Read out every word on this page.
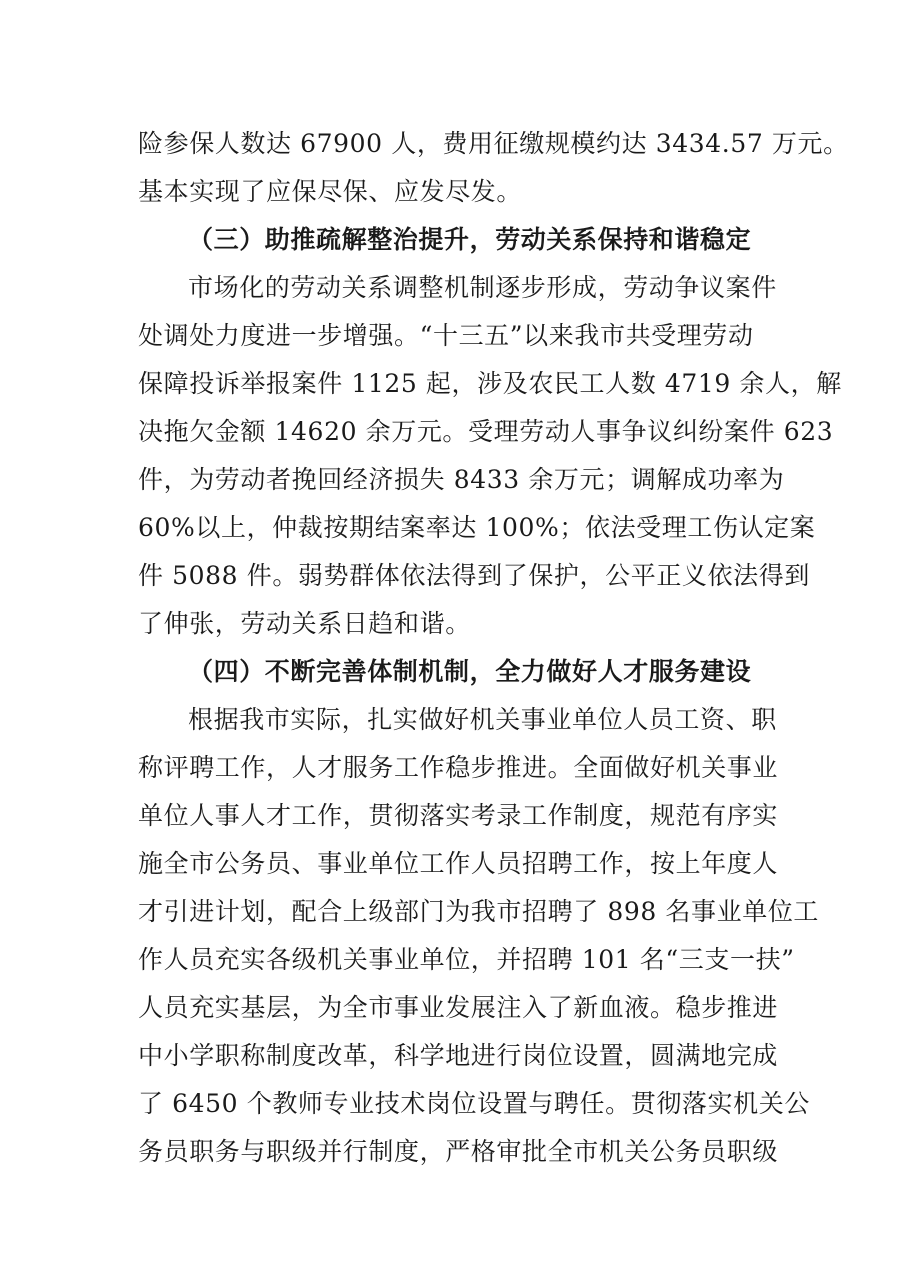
险参保人数达 67900 人，费用征缴规模约达 3434.57 万元。
基本实现了应保尽保、应发尽发。
（三）助推疏解整治提升，劳动关系保持和谐稳定
市场化的劳动关系调整机制逐步形成，劳动争议案件
处调处力度进一步增强。“十三五”以来我市共受理劳动
保障投诉举报案件 1125 起，涉及农民工人数 4719 余人，解
决拖欠金额 14620 余万元。受理劳动人事争议纠纷案件 623
件，为劳动者挽回经济损失 8433 余万元；调解成功率为
60%以上，仲裁按期结案率达 100%；依法受理工伤认定案
件 5088 件。弱势群体依法得到了保护，公平正义依法得到
了伸张，劳动关系日趋和谐。
（四）不断完善体制机制，全力做好人才服务建设
根据我市实际，扎实做好机关事业单位人员工资、职
称评聘工作，人才服务工作稳步推进。全面做好机关事业
单位人事人才工作，贯彻落实考录工作制度，规范有序实
施全市公务员、事业单位工作人员招聘工作，按上年度人
才引进计划，配合上级部门为我市招聘了 898 名事业单位工
作人员充实各级机关事业单位，并招聘 101 名“三支一扶”
人员充实基层，为全市事业发展注入了新血液。稳步推进
中小学职称制度改革，科学地进行岗位设置，圆满地完成
了 6450 个教师专业技术岗位设置与聘任。贯彻落实机关公
务员职务与职级并行制度，严格审批全市机关公务员职级
